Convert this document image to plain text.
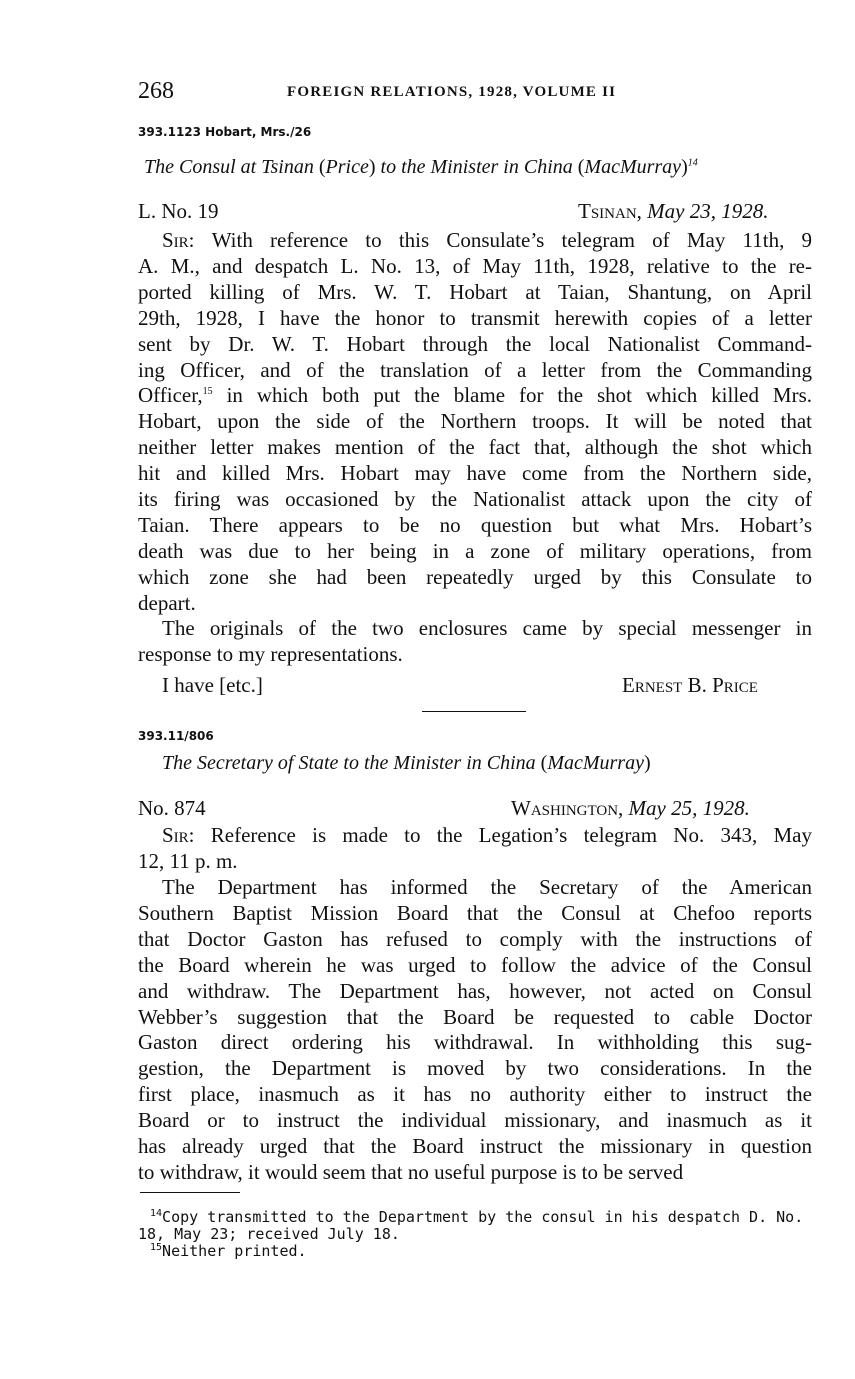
268	FOREIGN RELATIONS, 1928, VOLUME II
393.1123 Hobart, Mrs./26
The Consul at Tsinan (Price) to the Minister in China (MacMurray)$^{14}$
L. No. 19	Tsinan, May 23, 1928.
Sir: With reference to this Consulate’s telegram of May 11th, 9
A. M., and despatch L. No. 13, of May 11th, 1928, relative to the re-
ported killing of Mrs. W. T. Hobart at Taian, Shantung, on April
29th, 1928, I have the honor to transmit herewith copies of a letter
sent by Dr. W. T. Hobart through the local Nationalist Command-
ing Officer, and of the translation of a letter from the Commanding
Officer,$^{15}$ in which both put the blame for the shot which killed Mrs.
Hobart, upon the side of the Northern troops. It will be noted that
neither letter makes mention of the fact that, although the shot which
hit and killed Mrs. Hobart may have come from the Northern side,
its firing was occasioned by the Nationalist attack upon the city of
Taian. There appears to be no question but what Mrs. Hobart’s
death was due to her being in a zone of military operations, from
which zone she had been repeatedly urged by this Consulate to
depart.
The originals of the two enclosures came by special messenger in
response to my representations.
I have [etc.]	Ernest B. Price
393.11/806
The Secretary of State to the Minister in China (MacMurray)
No. 874	Washington, May 25, 1928.
Sir: Reference is made to the Legation’s telegram No. 343, May
12, 11 p. m.
The Department has informed the Secretary of the American
Southern Baptist Mission Board that the Consul at Chefoo reports
that Doctor Gaston has refused to comply with the instructions of
the Board wherein he was urged to follow the advice of the Consul
and withdraw. The Department has, however, not acted on Consul
Webber’s suggestion that the Board be requested to cable Doctor
Gaston direct ordering his withdrawal. In withholding this sug-
gestion, the Department is moved by two considerations. In the
first place, inasmuch as it has no authority either to instruct the
Board or to instruct the individual missionary, and inasmuch as it
has already urged that the Board instruct the missionary in question
to withdraw, it would seem that no useful purpose is to be served
$^{14}$Copy transmitted to the Department by the consul in his despatch D. No.
18, May 23; received July 18.
$^{15}$Neither printed.
